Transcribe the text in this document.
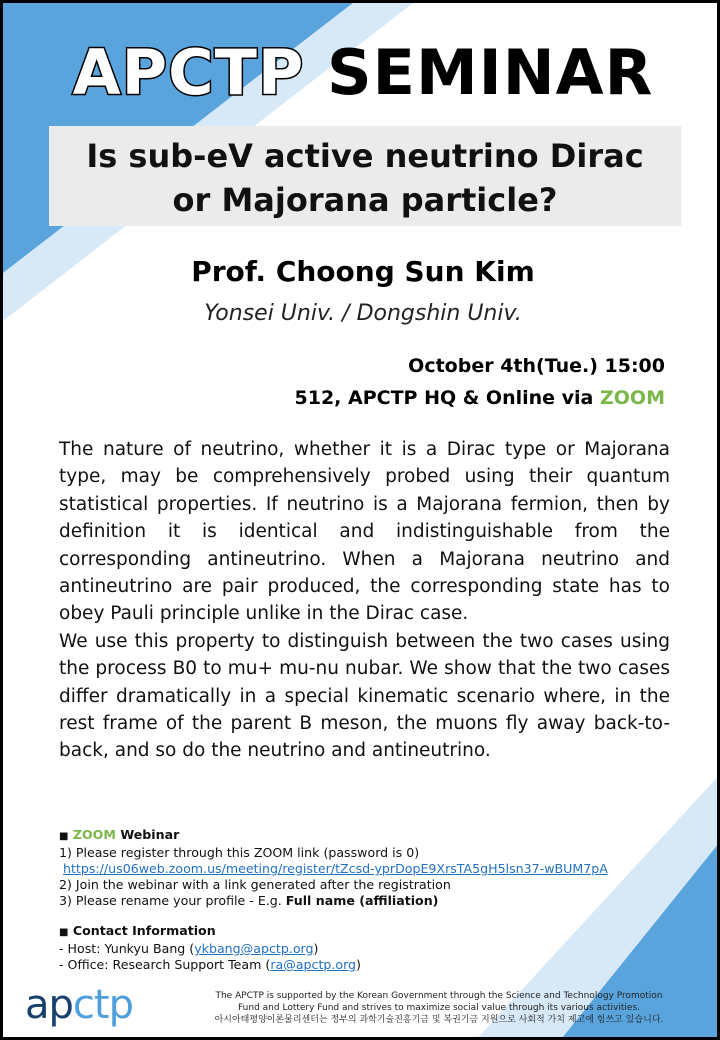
APCTP SEMINAR
Is sub-eV active neutrino Dirac
or Majorana particle?
Prof. Choong Sun Kim
Yonsei Univ. / Dongshin Univ.
October 4th(Tue.) 15:00
512, APCTP HQ & Online via ZOOM

The nature of neutrino, whether it is a Dirac type or Majorana type, may be comprehensively probed using their quantum statistical properties. If neutrino is a Majorana fermion, then by definition it is identical and indistinguishable from the corresponding antineutrino. When a Majorana neutrino and antineutrino are pair produced, the corresponding state has to obey Pauli principle unlike in the Dirac case.

We use this property to distinguish between the two cases using the process B0 to mu+ mu-nu nubar. We show that the two cases differ dramatically in a special kinematic scenario where, in the rest frame of the parent B meson, the muons fly away back-to-back, and so do the neutrino and antineutrino.

■ ZOOM Webinar
1) Please register through this ZOOM link (password is 0)
https://us06web.zoom.us/meeting/register/tZcsd-yprDopE9XrsTA5gH5lsn37-wBUM7pA
2) Join the webinar with a link generated after the registration
3) Please rename your profile - E.g. Full name (affiliation)
■ Contact Information
- Host: Yunkyu Bang (ykbang@apctp.org)
- Office: Research Support Team (ra@apctp.org)
apctp	The APCTP is supported by the Korean Government through the Science and Technology Promotion
Fund and Lottery Fund and strives to maximize social value through its various activities.
아시아태평양이론물리센터는 정부의 과학기술진흥기금 및 복권기금 지원으로 사회적 가치 제고에 힘쓰고 있습니다.
